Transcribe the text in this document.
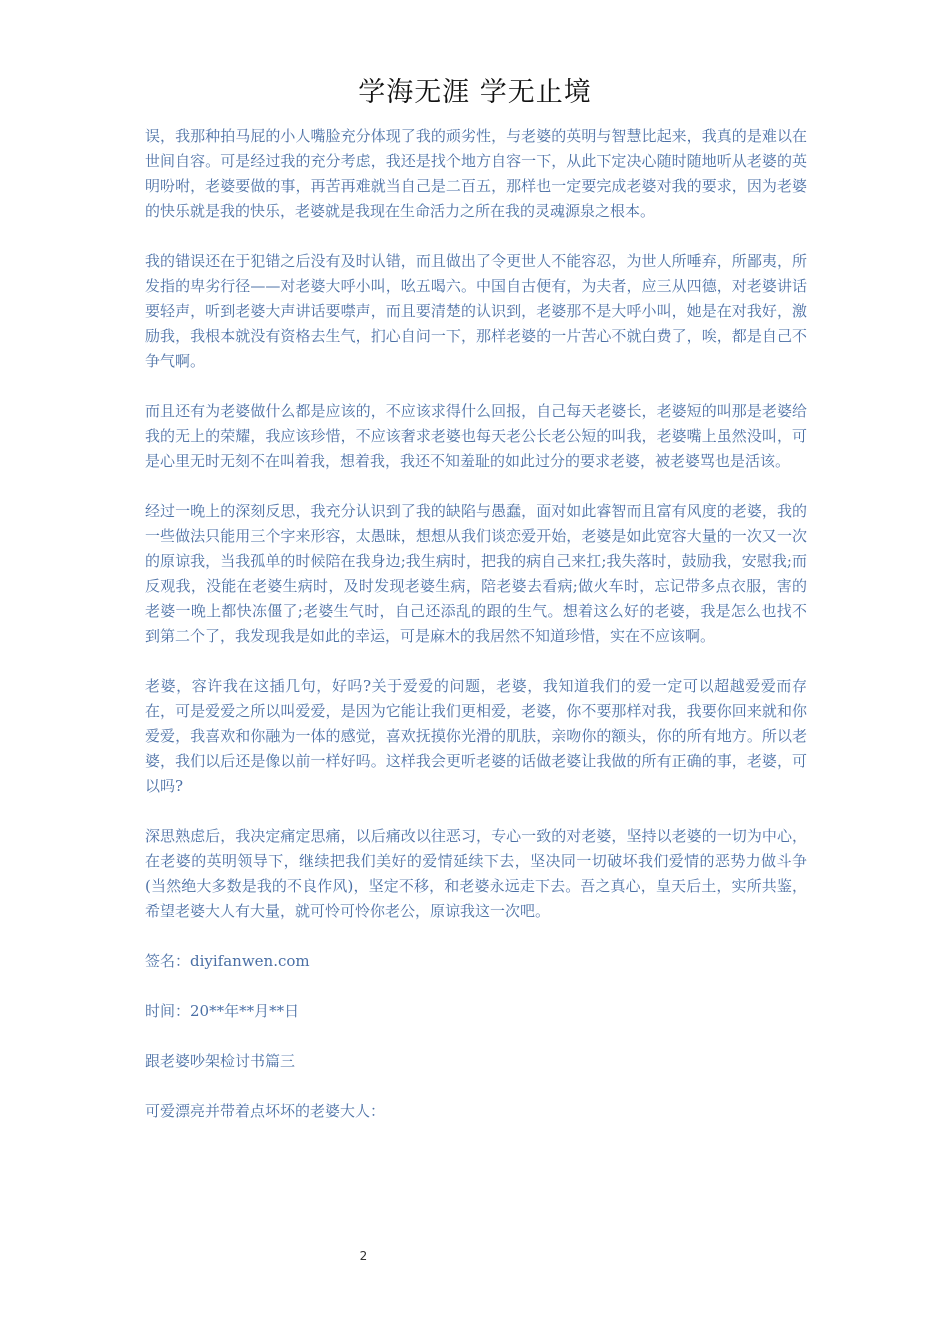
学海无涯 学无止境

误，我那种拍马屁的小人嘴脸充分体现了我的顽劣性，与老婆的英明与智慧比起来，我真的是难以在世间自容。可是经过我的充分考虑，我还是找个地方自容一下，从此下定决心随时随地听从老婆的英明吩咐，老婆要做的事，再苦再难就当自己是二百五，那样也一定要完成老婆对我的要求，因为老婆的快乐就是我的快乐，老婆就是我现在生命活力之所在我的灵魂源泉之根本。

我的错误还在于犯错之后没有及时认错，而且做出了令更世人不能容忍，为世人所唾弃，所鄙夷，所发指的卑劣行径——对老婆大呼小叫，吆五喝六。中国自古便有，为夫者，应三从四德，对老婆讲话要轻声，听到老婆大声讲话要噤声，而且要清楚的认识到，老婆那不是大呼小叫，她是在对我好，激励我，我根本就没有资格去生气，扪心自问一下，那样老婆的一片苦心不就白费了，唉，都是自己不争气啊。

而且还有为老婆做什么都是应该的，不应该求得什么回报，自己每天老婆长，老婆短的叫那是老婆给我的无上的荣耀，我应该珍惜，不应该奢求老婆也每天老公长老公短的叫我，老婆嘴上虽然没叫，可是心里无时无刻不在叫着我，想着我，我还不知羞耻的如此过分的要求老婆，被老婆骂也是活该。

经过一晚上的深刻反思，我充分认识到了我的缺陷与愚蠢，面对如此睿智而且富有风度的老婆，我的一些做法只能用三个字来形容，太愚昧，想想从我们谈恋爱开始，老婆是如此宽容大量的一次又一次的原谅我，当我孤单的时候陪在我身边;我生病时，把我的病自己来扛;我失落时，鼓励我，安慰我;而反观我，没能在老婆生病时，及时发现老婆生病，陪老婆去看病;做火车时，忘记带多点衣服，害的老婆一晚上都快冻僵了;老婆生气时，自己还添乱的跟的生气。想着这么好的老婆，我是怎么也找不到第二个了，我发现我是如此的幸运，可是麻木的我居然不知道珍惜，实在不应该啊。

老婆，容许我在这插几句，好吗?关于爱爱的问题，老婆，我知道我们的爱一定可以超越爱爱而存在，可是爱爱之所以叫爱爱，是因为它能让我们更相爱，老婆，你不要那样对我，我要你回来就和你爱爱，我喜欢和你融为一体的感觉，喜欢抚摸你光滑的肌肤，亲吻你的额头，你的所有地方。所以老婆，我们以后还是像以前一样好吗。这样我会更听老婆的话做老婆让我做的所有正确的事，老婆，可以吗?

深思熟虑后，我决定痛定思痛，以后痛改以往恶习，专心一致的对老婆，坚持以老婆的一切为中心，在老婆的英明领导下，继续把我们美好的爱情延续下去，坚决同一切破坏我们爱情的恶势力做斗争(当然绝大多数是我的不良作风)，坚定不移，和老婆永远走下去。吾之真心，皇天后土，实所共鉴，希望老婆大人有大量，就可怜可怜你老公，原谅我这一次吧。

签名：diyifanwen.com

时间：20**年**月**日

跟老婆吵架检讨书篇三

可爱漂亮并带着点坏坏的老婆大人：

2
